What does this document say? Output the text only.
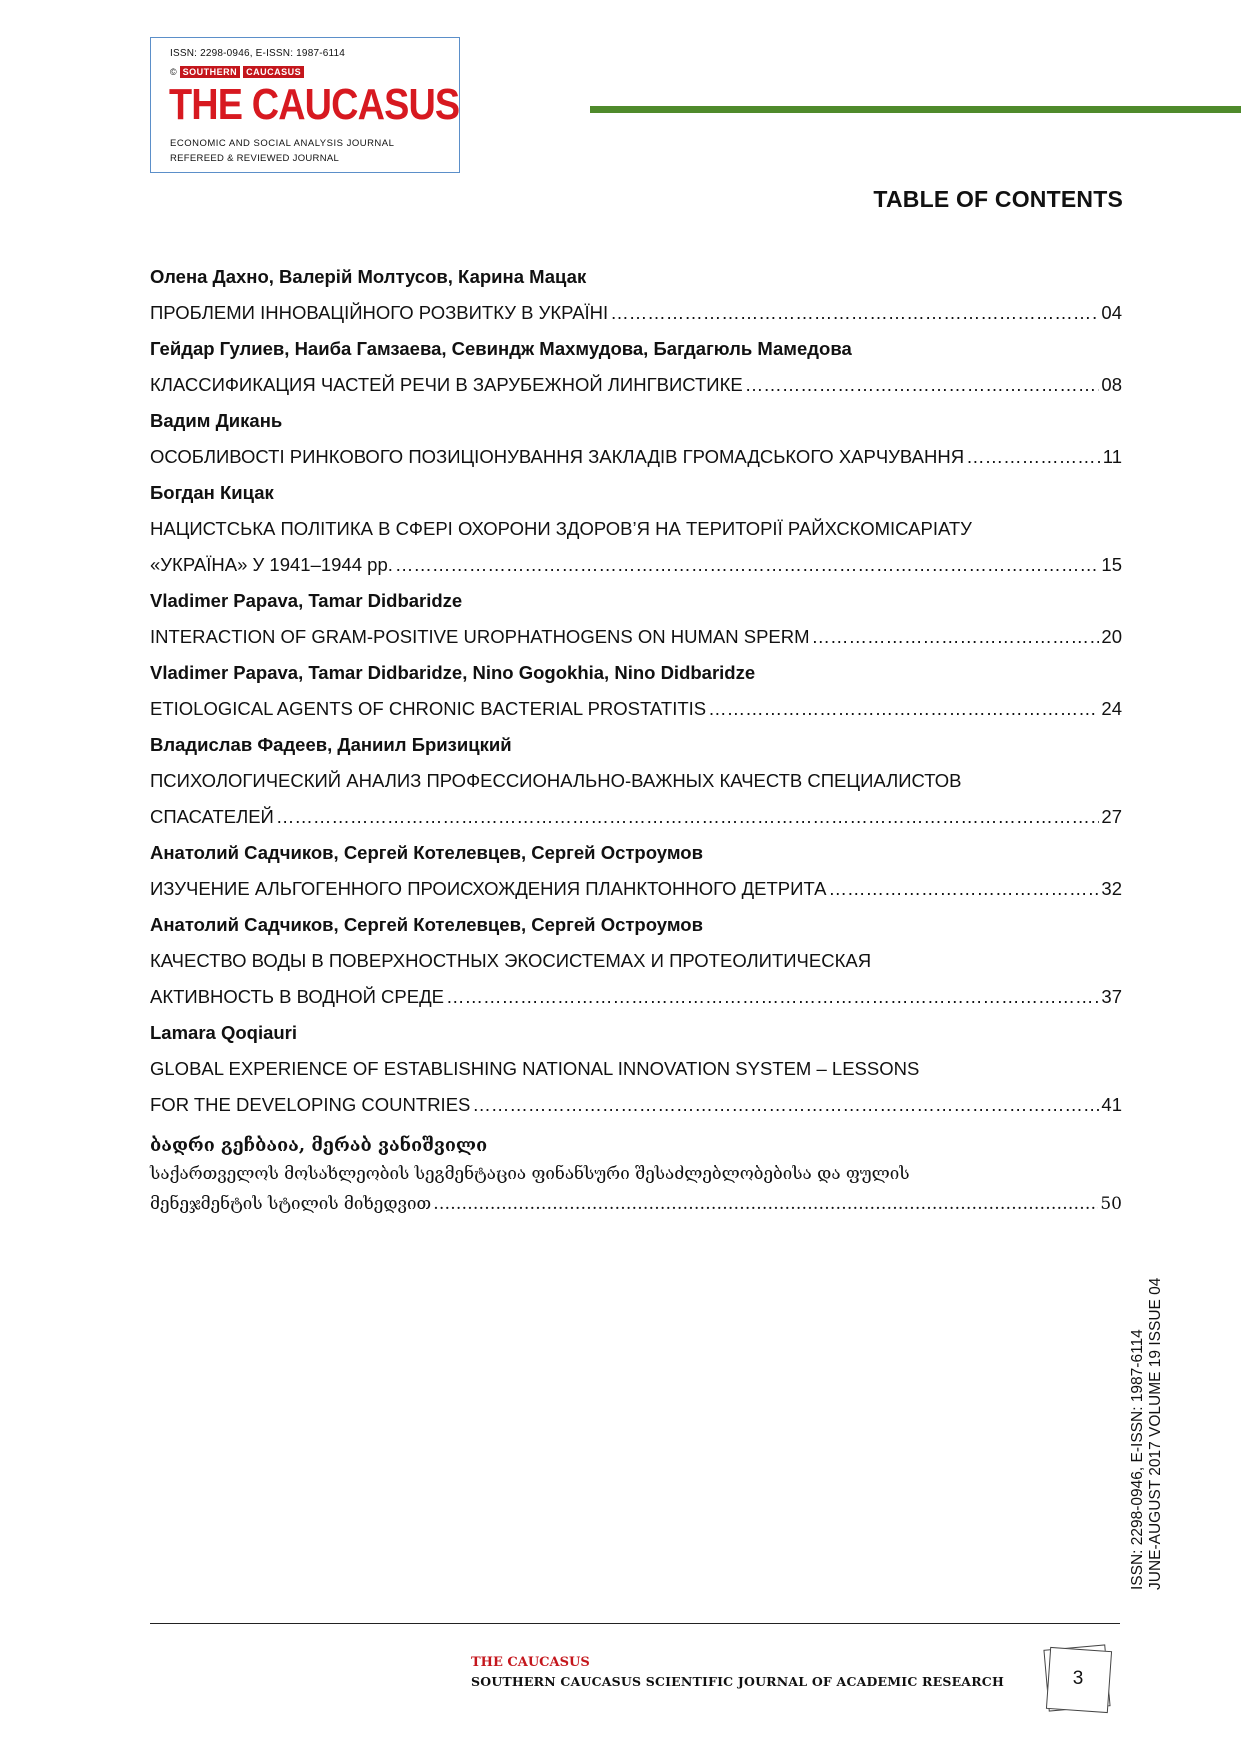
ISSN: 2298-0946, E-ISSN: 1987-6114
© SOUTHERN	CAUCASUS
THE CAUCASUS
ECONOMIC AND SOCIAL ANALYSIS JOURNAL
REFEREED & REVIEWED JOURNAL
TABLE OF CONTENTS
Олена Дахно, Валерій Молтусов, Карина Мацак
ПРОБЛЕМИ ІННОВАЦІЙНОГО РОЗВИТКУ В УКРАЇНІ ……………………………………………………………………………………………………………………………………………………………………………	04
Гейдар Гулиев, Наиба Гамзаева, Севиндж Махмудова, Багдагюль Мамедова
КЛАССИФИКАЦИЯ ЧАСТЕЙ РЕЧИ В ЗАРУБЕЖНОЙ ЛИНГВИСТИКЕ ……………………………………………………………………………………………………………………………………………………………………………	08
Вадим Дикань
ОСОБЛИВОСТІ РИНКОВОГО ПОЗИЦІОНУВАННЯ ЗАКЛАДІВ ГРОМАДСЬКОГО ХАРЧУВАННЯ ……………………………………………………………………………………………………………………………………………………………………………	11
Богдан Кицак
НАЦИСТСЬКА ПОЛІТИКА В СФЕРІ ОХОРОНИ ЗДОРОВ’Я НА ТЕРИТОРІЇ РАЙХСКОМІСАРІАТУ
«УКРАЇНА» У 1941–1944 рр. ……………………………………………………………………………………………………………………………………………………………………………	15
Vladimer Papava, Tamar Didbaridze
INTERACTION OF GRAM-POSITIVE UROPHATHOGENS ON HUMAN SPERM ……………………………………………………………………………………………………………………………………………………………………………	20
Vladimer Papava, Tamar Didbaridze, Nino Gogokhia, Nino Didbaridze
ETIOLOGICAL AGENTS OF CHRONIC BACTERIAL PROSTATITIS ……………………………………………………………………………………………………………………………………………………………………………	24
Владислав Фадеев, Даниил Бризицкий
ПСИХОЛОГИЧЕСКИЙ АНАЛИЗ ПРОФЕССИОНАЛЬНО-ВАЖНЫХ КАЧЕСТВ СПЕЦИАЛИСТОВ
СПАСАТЕЛЕЙ ……………………………………………………………………………………………………………………………………………………………………………	27
Анатолий Садчиков, Сергей Котелевцев, Сергей Остроумов
ИЗУЧЕНИЕ АЛЬГОГЕННОГО ПРОИСХОЖДЕНИЯ ПЛАНКТОННОГО ДЕТРИТА ……………………………………………………………………………………………………………………………………………………………………………	32
Анатолий Садчиков, Сергей Котелевцев, Сергей Остроумов
КАЧЕСТВО ВОДЫ В ПОВЕРХНОСТНЫХ ЭКОСИСТЕМАХ И ПРОТЕОЛИТИЧЕСКАЯ
АКТИВНОСТЬ В ВОДНОЙ СРЕДЕ ……………………………………………………………………………………………………………………………………………………………………………	37
Lamara Qoqiauri
GLOBAL EXPERIENCE OF ESTABLISHING NATIONAL INNOVATION SYSTEM – LESSONS
FOR THE DEVELOPING COUNTRIES ……………………………………………………………………………………………………………………………………………………………………………	41
ბადრი გეჩბაია, მერაბ ვანიშვილი
საქართველოს მოსახლეობის სეგმენტაცია ფინანსური შესაძლებლობებისა და ფულის
მენეჯმენტის სტილის მიხედვით ……………………………………………………………………………………………………………………………………………………………………………	50
ISSN: 2298-0946, E-ISSN: 1987-6114 JUNE-AUGUST 2017 VOLUME 19 ISSUE 04
THE CAUCASUS
SOUTHERN CAUCASUS SCIENTIFIC JOURNAL OF ACADEMIC RESEARCH	3
